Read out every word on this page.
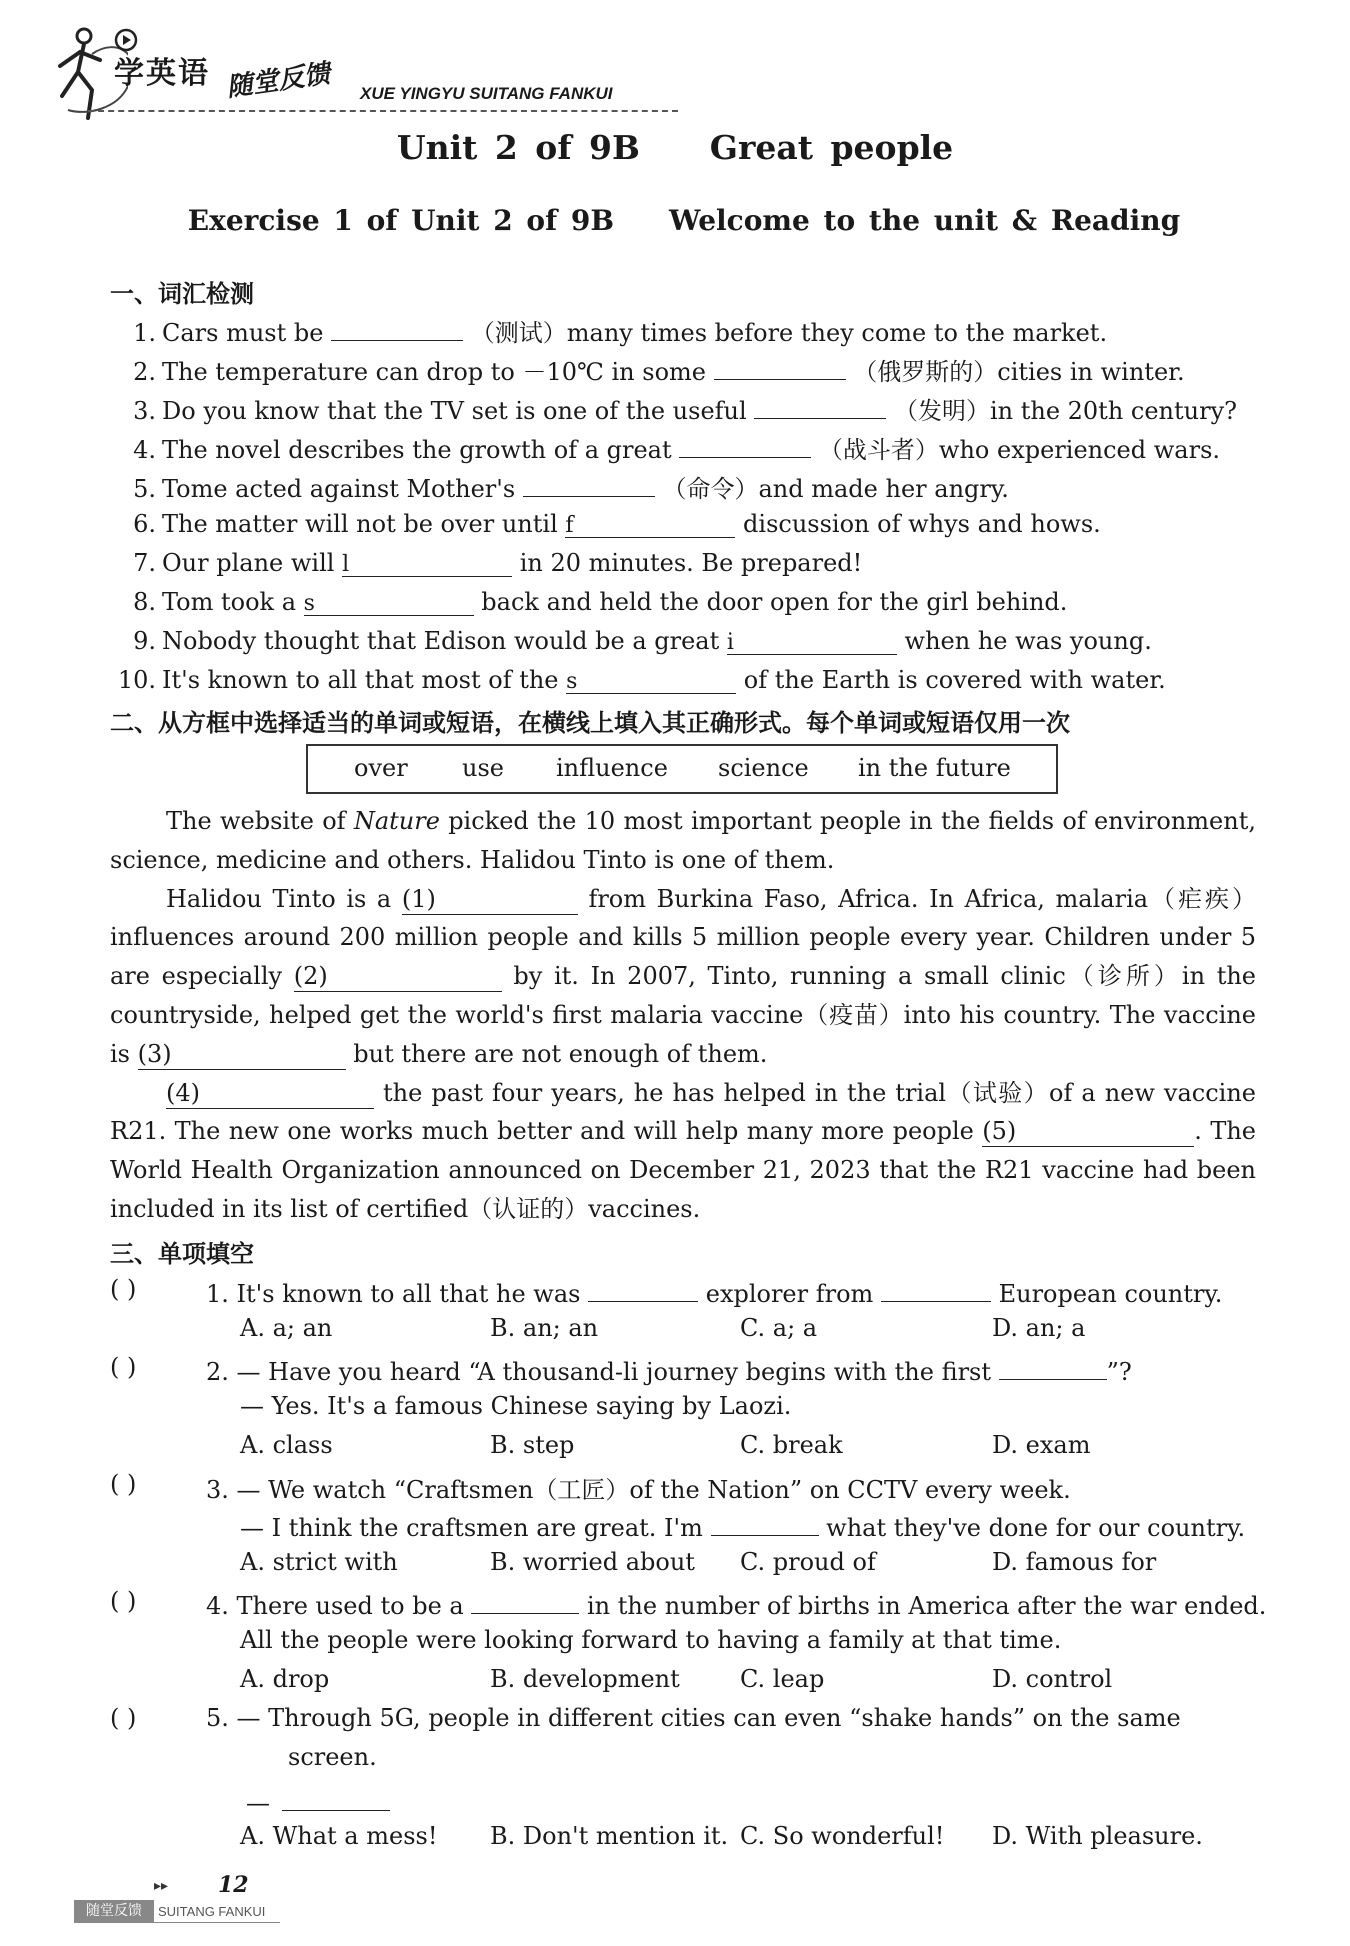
学英语 随堂反馈 XUE YINGYU SUITANG FANKUI
Unit 2 of 9B    Great people
Exercise 1 of Unit 2 of 9B    Welcome to the unit & Reading
一、词汇检测
1. Cars must be	（测试）many times before they come to the market.
2. The temperature can drop to －10℃ in some	（俄罗斯的）cities in winter.
3. Do you know that the TV set is one of the useful	（发明）in the 20th century?
4. The novel describes the growth of a great	（战斗者）who experienced wars.
5. Tome acted against Mother's	（命令）and made her angry.
6. The matter will not be over until f	discussion of whys and hows.
7. Our plane will l	in 20 minutes. Be prepared!
8. Tom took a s	back and held the door open for the girl behind.
9. Nobody thought that Edison would be a great i	when he was young.
10. It's known to all that most of the s	of the Earth is covered with water.
二、从方框中选择适当的单词或短语，在横线上填入其正确形式。每个单词或短语仅用一次
over use influence science in the future

The website of Nature picked the 10 most important people in the fields of environment, science, medicine and others. Halidou Tinto is one of them.

Halidou Tinto is a (1)	from Burkina Faso, Africa. In Africa, malaria（疟疾）influences around 200 million people and kills 5 million people every year. Children under 5 are especially (2)	by it. In 2007, Tinto, running a small clinic（诊所）in the countryside, helped get the world's first malaria vaccine（疫苗）into his country. The vaccine is (3)	but there are not enough of them.

(4)	the past four years, he has helped in the trial（试验）of a new vaccine R21. The new one works much better and will help many more people (5)	. The World Health Organization announced on December 21, 2023 that the R21 vaccine had been included in its list of certified（认证的）vaccines.

三、单项填空
( )	1. It's known to all that he was	explorer from	European country.
A. a; an	B. an; an	C. a; a	D. an; a
( )	2. — Have you heard “A thousand-li journey begins with the first	”?
— Yes. It's a famous Chinese saying by Laozi.
A. class	B. step	C. break	D. exam
( )	3. — We watch “Craftsmen（工匠）of the Nation” on CCTV every week.
— I think the craftsmen are great. I'm	what they've done for our country.
A. strict with	B. worried about C. proud of	D. famous for
( )	4. There used to be a	in the number of births in America after the war ended.
All the people were looking forward to having a family at that time.
A. drop	B. development	C. leap	D. control
( )	5. — Through 5G, people in different cities can even “shake hands” on the same
screen.
—
A. What a mess! B. Don't mention it. C. So wonderful! D. With pleasure.
▸▸ 12
随堂反馈	SUITANG FANKUI
